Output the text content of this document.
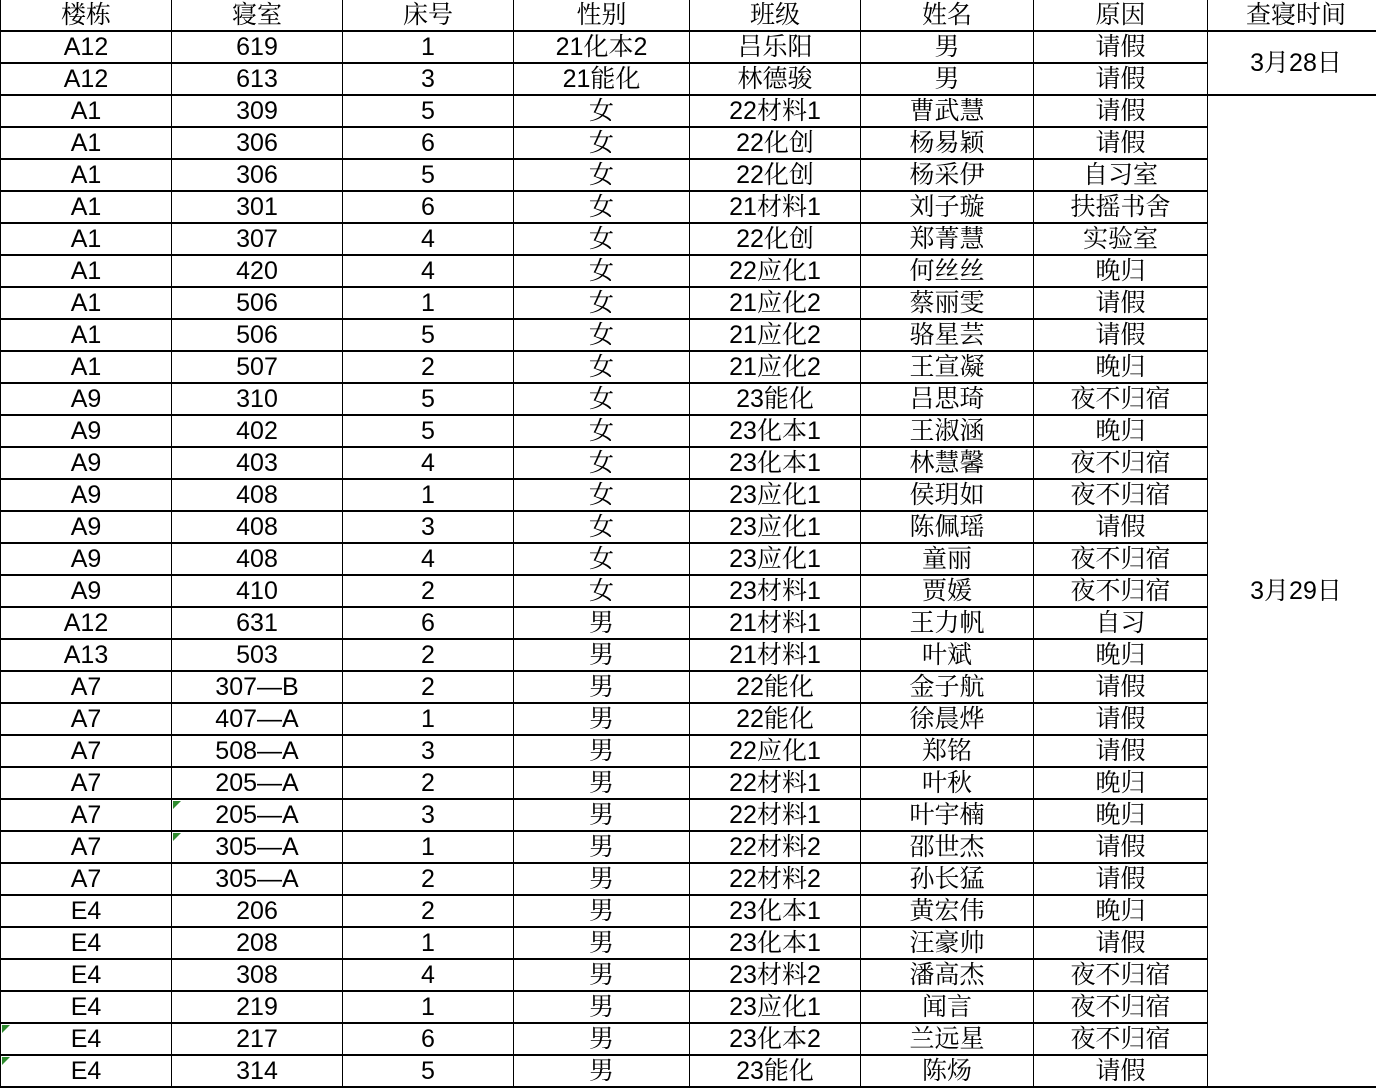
楼栋	寝室	床号	性别	班级	姓名	原因	查寝时间
A12	619	1	21化本2	吕乐阳	男	请假	3月28日
A12	613	3	21能化	林德骏	男	请假	
A1	309	5	女	22材料1	曹武慧	请假	3月29日
A1	306	6	女	22化创	杨易颖	请假	
A1	306	5	女	22化创	杨采伊	自习室	
A1	301	6	女	21材料1	刘子璇	扶摇书舍	
A1	307	4	女	22化创	郑菁慧	实验室	
A1	420	4	女	22应化1	何丝丝	晚归	
A1	506	1	女	21应化2	蔡丽雯	请假	
A1	506	5	女	21应化2	骆星芸	请假	
A1	507	2	女	21应化2	王宣凝	晚归	
A9	310	5	女	23能化	吕思琦	夜不归宿	
A9	402	5	女	23化本1	王淑涵	晚归	
A9	403	4	女	23化本1	林慧馨	夜不归宿	
A9	408	1	女	23应化1	侯玥如	夜不归宿	
A9	408	3	女	23应化1	陈佩瑶	请假	
A9	408	4	女	23应化1	童丽	夜不归宿	
A9	410	2	女	23材料1	贾媛	夜不归宿	
A12	631	6	男	21材料1	王力帆	自习	
A13	503	2	男	21材料1	叶斌	晚归	
A7	307—B	2	男	22能化	金子航	请假	
A7	407—A	1	男	22能化	徐晨烨	请假	
A7	508—A	3	男	22应化1	郑铭	请假	
A7	205—A	2	男	22材料1	叶秋	晚归	
A7	205—A	3	男	22材料1	叶宇楠	晚归	
A7	305—A	1	男	22材料2	邵世杰	请假	
A7	305—A	2	男	22材料2	孙长猛	请假	
E4	206	2	男	23化本1	黄宏伟	晚归	
E4	208	1	男	23化本1	汪豪帅	请假	
E4	308	4	男	23材料2	潘高杰	夜不归宿	
E4	219	1	男	23应化1	闻言	夜不归宿	

E4	217	6	男	23化本2	兰远星	夜不归宿	

E4	314	5	男	23能化	陈炀	请假	
